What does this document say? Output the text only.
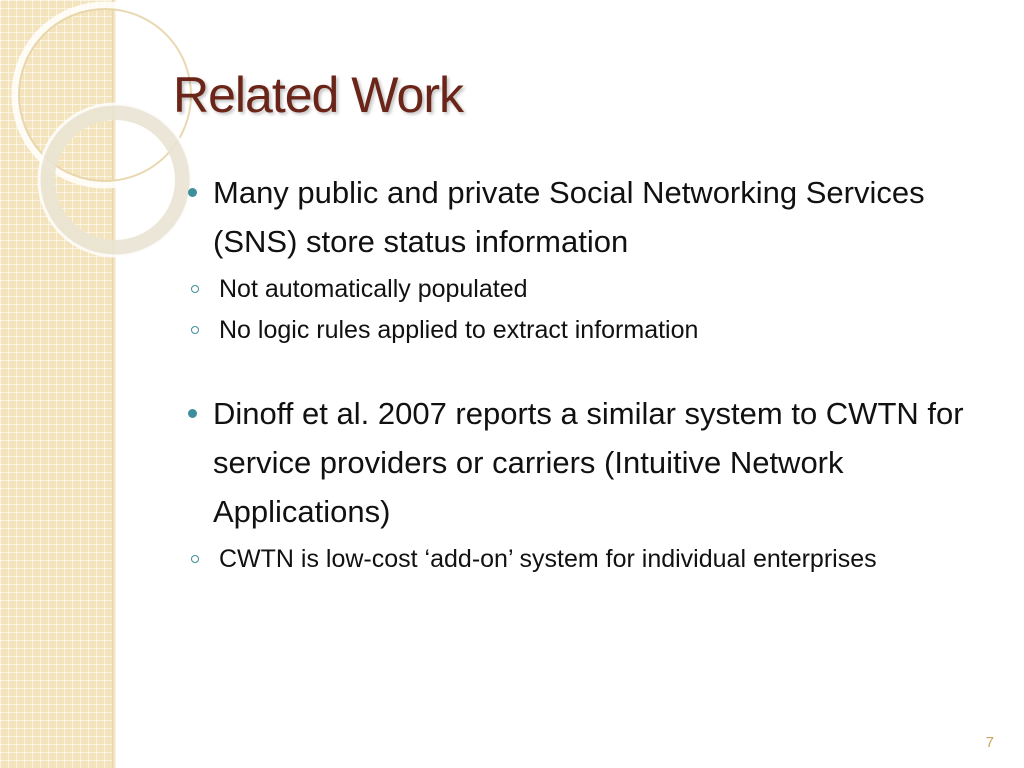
Related Work
Many public and private Social Networking Services (SNS) store status information
Not automatically populated
No logic rules applied to extract information
Dinoff et al. 2007 reports a similar system to CWTN for service providers or carriers (Intuitive Network Applications)
CWTN is low-cost ‘add-on’ system for individual enterprises
7
